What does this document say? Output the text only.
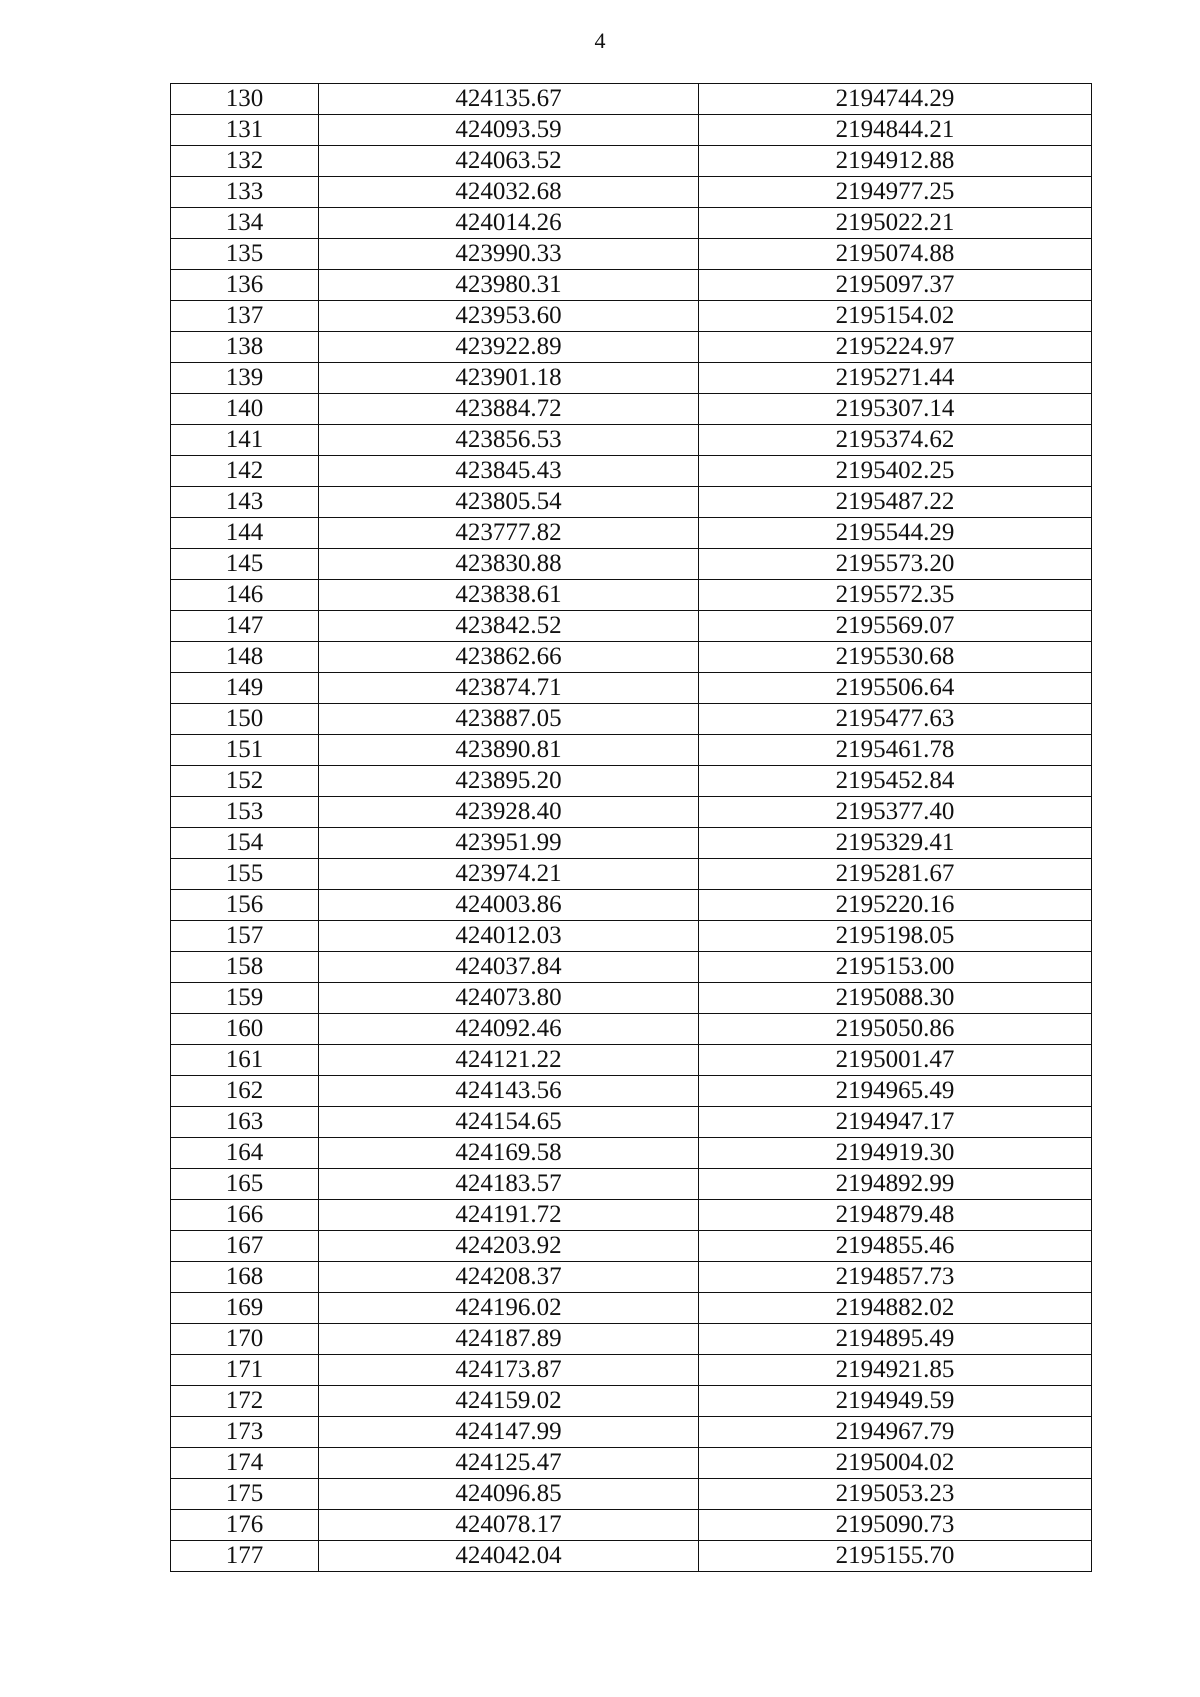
4
130	424135.67	2194744.29
131	424093.59	2194844.21
132	424063.52	2194912.88
133	424032.68	2194977.25
134	424014.26	2195022.21
135	423990.33	2195074.88
136	423980.31	2195097.37
137	423953.60	2195154.02
138	423922.89	2195224.97
139	423901.18	2195271.44
140	423884.72	2195307.14
141	423856.53	2195374.62
142	423845.43	2195402.25
143	423805.54	2195487.22
144	423777.82	2195544.29
145	423830.88	2195573.20
146	423838.61	2195572.35
147	423842.52	2195569.07
148	423862.66	2195530.68
149	423874.71	2195506.64
150	423887.05	2195477.63
151	423890.81	2195461.78
152	423895.20	2195452.84
153	423928.40	2195377.40
154	423951.99	2195329.41
155	423974.21	2195281.67
156	424003.86	2195220.16
157	424012.03	2195198.05
158	424037.84	2195153.00
159	424073.80	2195088.30
160	424092.46	2195050.86
161	424121.22	2195001.47
162	424143.56	2194965.49
163	424154.65	2194947.17
164	424169.58	2194919.30
165	424183.57	2194892.99
166	424191.72	2194879.48
167	424203.92	2194855.46
168	424208.37	2194857.73
169	424196.02	2194882.02
170	424187.89	2194895.49
171	424173.87	2194921.85
172	424159.02	2194949.59
173	424147.99	2194967.79
174	424125.47	2195004.02
175	424096.85	2195053.23
176	424078.17	2195090.73
177	424042.04	2195155.70
